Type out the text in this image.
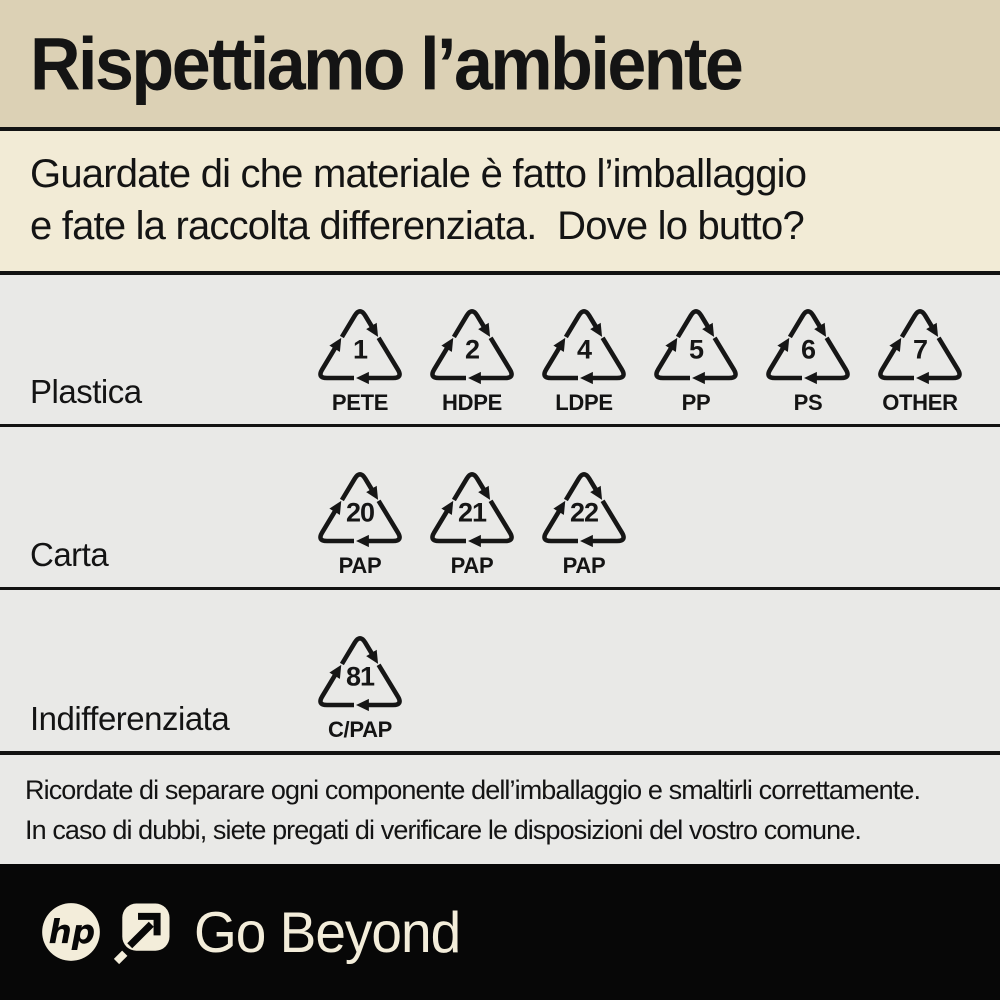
Rispettiamo l’ambiente
Guardate di che materiale è fatto l’imballaggio
e fate la raccolta differenziata.  Dove lo butto?
Plastica
1
PETE
2
HDPE
4
LDPE
5
PP
6
PS
7
OTHER
Carta
20
PAP
21
PAP
22
PAP
Indifferenziata
81
C/PAP
Ricordate di separare ogni componente dell’imballaggio e smaltirli correttamente.
In caso di dubbi, siete pregati di verificare le disposizioni del vostro comune.
hp Go Beyond
